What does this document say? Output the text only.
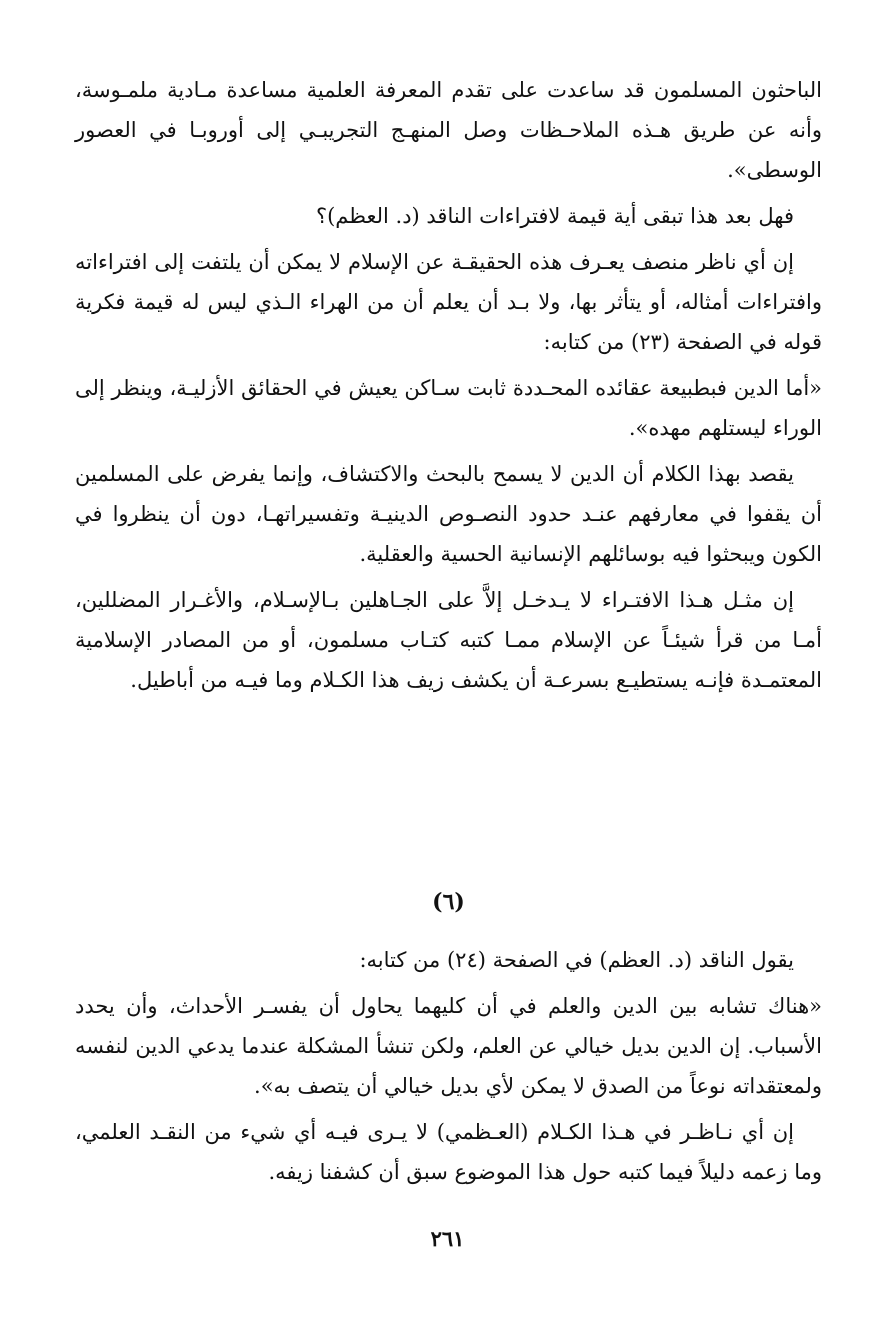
الباحثون المسلمون قد ساعدت على تقدم المعرفة العلمية مساعدة مـادية ملمـوسة، وأنه عن طريق هـذه الملاحـظات وصل المنهـج التجريبـي إلى أوروبـا في العصور الوسطى».

فهل بعد هذا تبقى أية قيمة لافتراءات الناقد (د. العظم)؟

إن أي ناظر منصف يعـرف هذه الحقيقـة عن الإسلام لا يمكن أن يلتفت إلى افتراءاته وافتراءات أمثاله، أو يتأثر بها، ولا بـد أن يعلم أن من الهراء الـذي ليس له قيمة فكرية قوله في الصفحة (٢٣) من كتابه:

«أما الدين فبطبيعة عقائده المحـددة ثابت سـاكن يعيش في الحقائق الأزليـة، وينظر إلى الوراء ليستلهم مهده».

يقصد بهذا الكلام أن الدين لا يسمح بالبحث والاكتشاف، وإنما يفرض على المسلمين أن يقفوا في معارفهم عنـد حدود النصـوص الدينيـة وتفسيراتهـا، دون أن ينظروا في الكون ويبحثوا فيه بوسائلهم الإنسانية الحسية والعقلية.

إن مثـل هـذا الافتـراء لا يـدخـل إلاَّ على الجـاهلين بـالإسـلام، والأغـرار المضللين، أمـا من قرأ شيئـاً عن الإسلام ممـا كتبه كتـاب مسلمون، أو من المصادر الإسلامية المعتمـدة فإنـه يستطيـع بسرعـة أن يكشف زيف هذا الكـلام وما فيـه من أباطيل.

(٦)

يقول الناقد (د. العظم) في الصفحة (٢٤) من كتابه:

«هناك تشابه بين الدين والعلم في أن كليهما يحاول أن يفسـر الأحداث، وأن يحدد الأسباب. إن الدين بديل خيالي عن العلم، ولكن تنشأ المشكلة عندما يدعي الدين لنفسه ولمعتقداته نوعاً من الصدق لا يمكن لأي بديل خيالي أن يتصف به».

إن أي نـاظـر في هـذا الكـلام (العـظمي) لا يـرى فيـه أي شيء من النقـد العلمي، وما زعمه دليلاً فيما كتبه حول هذا الموضوع سبق أن كشفنا زيفه.

٢٦١
